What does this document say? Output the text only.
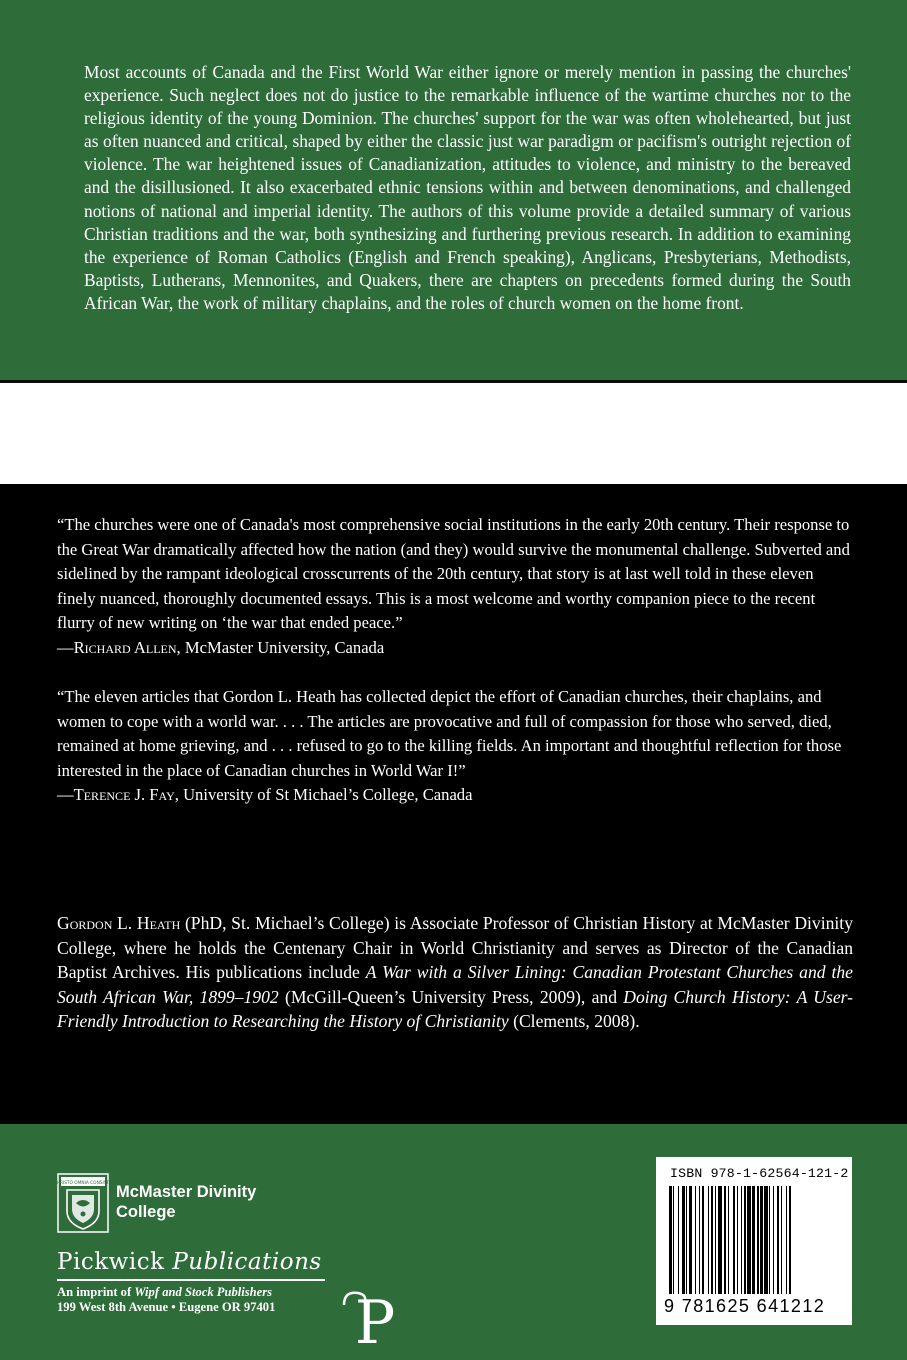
Most accounts of Canada and the First World War either ignore or merely mention in passing the churches' experience. Such neglect does not do justice to the remarkable influence of the wartime churches nor to the religious identity of the young Dominion. The churches' support for the war was often wholehearted, but just as often nuanced and critical, shaped by either the classic just war paradigm or pacifism's outright rejection of violence. The war heightened issues of Canadianization, attitudes to violence, and ministry to the bereaved and the disillusioned. It also exacerbated ethnic tensions within and between denominations, and challenged notions of national and imperial identity. The authors of this volume provide a detailed summary of various Christian traditions and the war, both synthesizing and furthering previous research. In addition to examining the experience of Roman Catholics (English and French speaking), Anglicans, Presbyterians, Methodists, Baptists, Lutherans, Mennonites, and Quakers, there are chapters on precedents formed during the South African War, the work of military chaplains, and the roles of church women on the home front.

“The churches were one of Canada's most comprehensive social institutions in the early 20th century. Their response to the Great War dramatically affected how the nation (and they) would survive the monumental challenge. Subverted and sidelined by the rampant ideological crosscurrents of the 20th century, that story is at last well told in these eleven finely nuanced, thoroughly documented essays. This is a most welcome and worthy companion piece to the recent flurry of new writing on ‘the war that ended peace.”

—Richard Allen, McMaster University, Canada

“The eleven articles that Gordon L. Heath has collected depict the effort of Canadian churches, their chaplains, and women to cope with a world war. . . . The articles are provocative and full of compassion for those who served, died, remained at home grieving, and . . . refused to go to the killing fields. An important and thoughtful reflection for those interested in the place of Canadian churches in World War I!”

—Terence J. Fay, University of St Michael’s College, Canada

Gordon L. Heath (PhD, St. Michael’s College) is Associate Professor of Christian History at McMaster Divinity College, where he holds the Centenary Chair in World Christianity and serves as Director of the Canadian Baptist Archives. His publications include A War with a Silver Lining: Canadian Protestant Churches and the South African War, 1899–1902 (McGill-Queen’s University Press, 2009), and Doing Church History: A User-Friendly Introduction to Researching the History of Christianity (Clements, 2008).

IN CHRISTO OMNIA CONSISTUNT
McMaster Divinity
College
Pickwick Publications
An imprint of Wipf and Stock Publishers
199 West 8th Avenue • Eugene OR 97401	P
ISBN 978-1-62564-121-2
9 781625 641212
